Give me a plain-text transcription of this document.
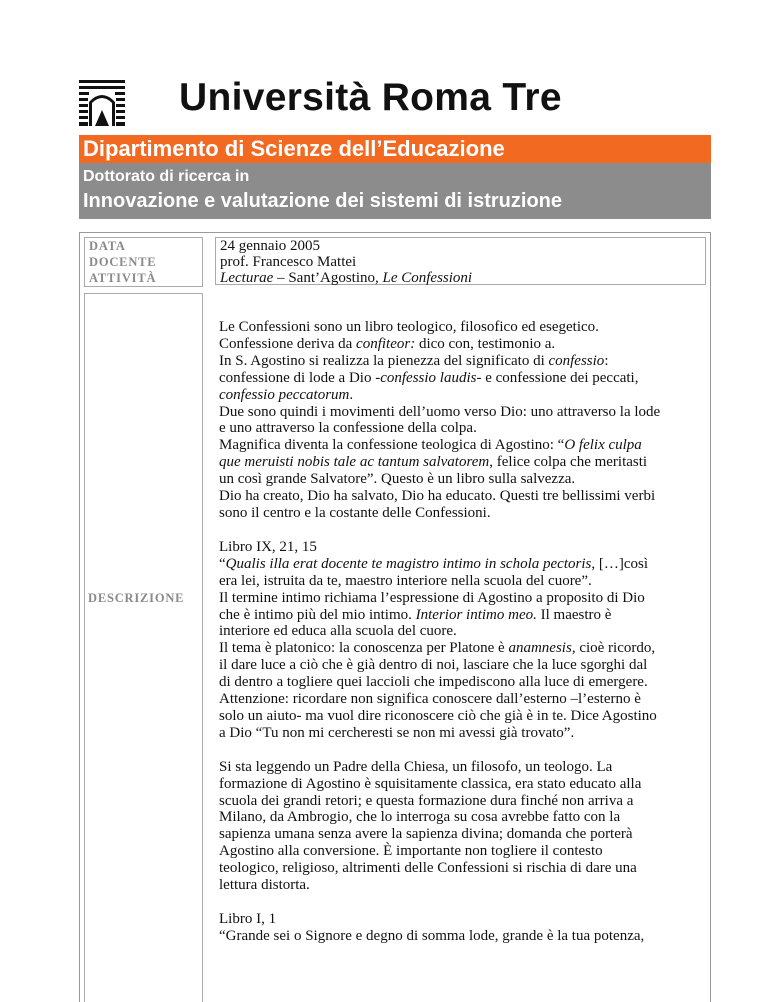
Università Roma Tre
Dipartimento di Scienze dell’Educazione
Dottorato di ricerca in
Innovazione e valutazione dei sistemi di istruzione
DATA
DOCENTE
ATTIVITÀ
DESCRIZIONE
24 gennaio 2005
prof. Francesco Mattei
Lecturae – Sant’Agostino, Le Confessioni

Le Confessioni sono un libro teologico, filosofico ed esegetico.
Confessione deriva da confiteor: dico con, testimonio a.
In S. Agostino si realizza la pienezza del significato di confessio:
confessione di lode a Dio -confessio laudis- e confessione dei peccati,
confessio peccatorum.
Due sono quindi i movimenti dell’uomo verso Dio: uno attraverso la lode
e uno attraverso la confessione della colpa.
Magnifica diventa la confessione teologica di Agostino: “O felix culpa
que meruisti nobis tale ac tantum salvatorem, felice colpa che meritasti
un così grande Salvatore”. Questo è un libro sulla salvezza.
Dio ha creato, Dio ha salvato, Dio ha educato. Questi tre bellissimi verbi
sono il centro e la costante delle Confessioni.

Libro IX, 21, 15
“Qualis illa erat docente te magistro intimo in schola pectoris, […]così
era lei, istruita da te, maestro interiore nella scuola del cuore”.
Il termine intimo richiama l’espressione di Agostino a proposito di Dio
che è intimo più del mio intimo. Interior intimo meo. Il maestro è
interiore ed educa alla scuola del cuore.
Il tema è platonico: la conoscenza per Platone è anamnesis, cioè ricordo,
il dare luce a ciò che è già dentro di noi, lasciare che la luce sgorghi dal
di dentro a togliere quei laccioli che impediscono alla luce di emergere.
Attenzione: ricordare non significa conoscere dall’esterno –l’esterno è
solo un aiuto- ma vuol dire riconoscere ciò che già è in te. Dice Agostino
a Dio “Tu non mi cercheresti se non mi avessi già trovato”.

Si sta leggendo un Padre della Chiesa, un filosofo, un teologo. La
formazione di Agostino è squisitamente classica, era stato educato alla
scuola dei grandi retori; e questa formazione dura finché non arriva a
Milano, da Ambrogio, che lo interroga su cosa avrebbe fatto con la
sapienza umana senza avere la sapienza divina; domanda che porterà
Agostino alla conversione. È importante non togliere il contesto
teologico, religioso, altrimenti delle Confessioni si rischia di dare una
lettura distorta.

Libro I, 1
“Grande sei o Signore e degno di somma lode, grande è la tua potenza,
